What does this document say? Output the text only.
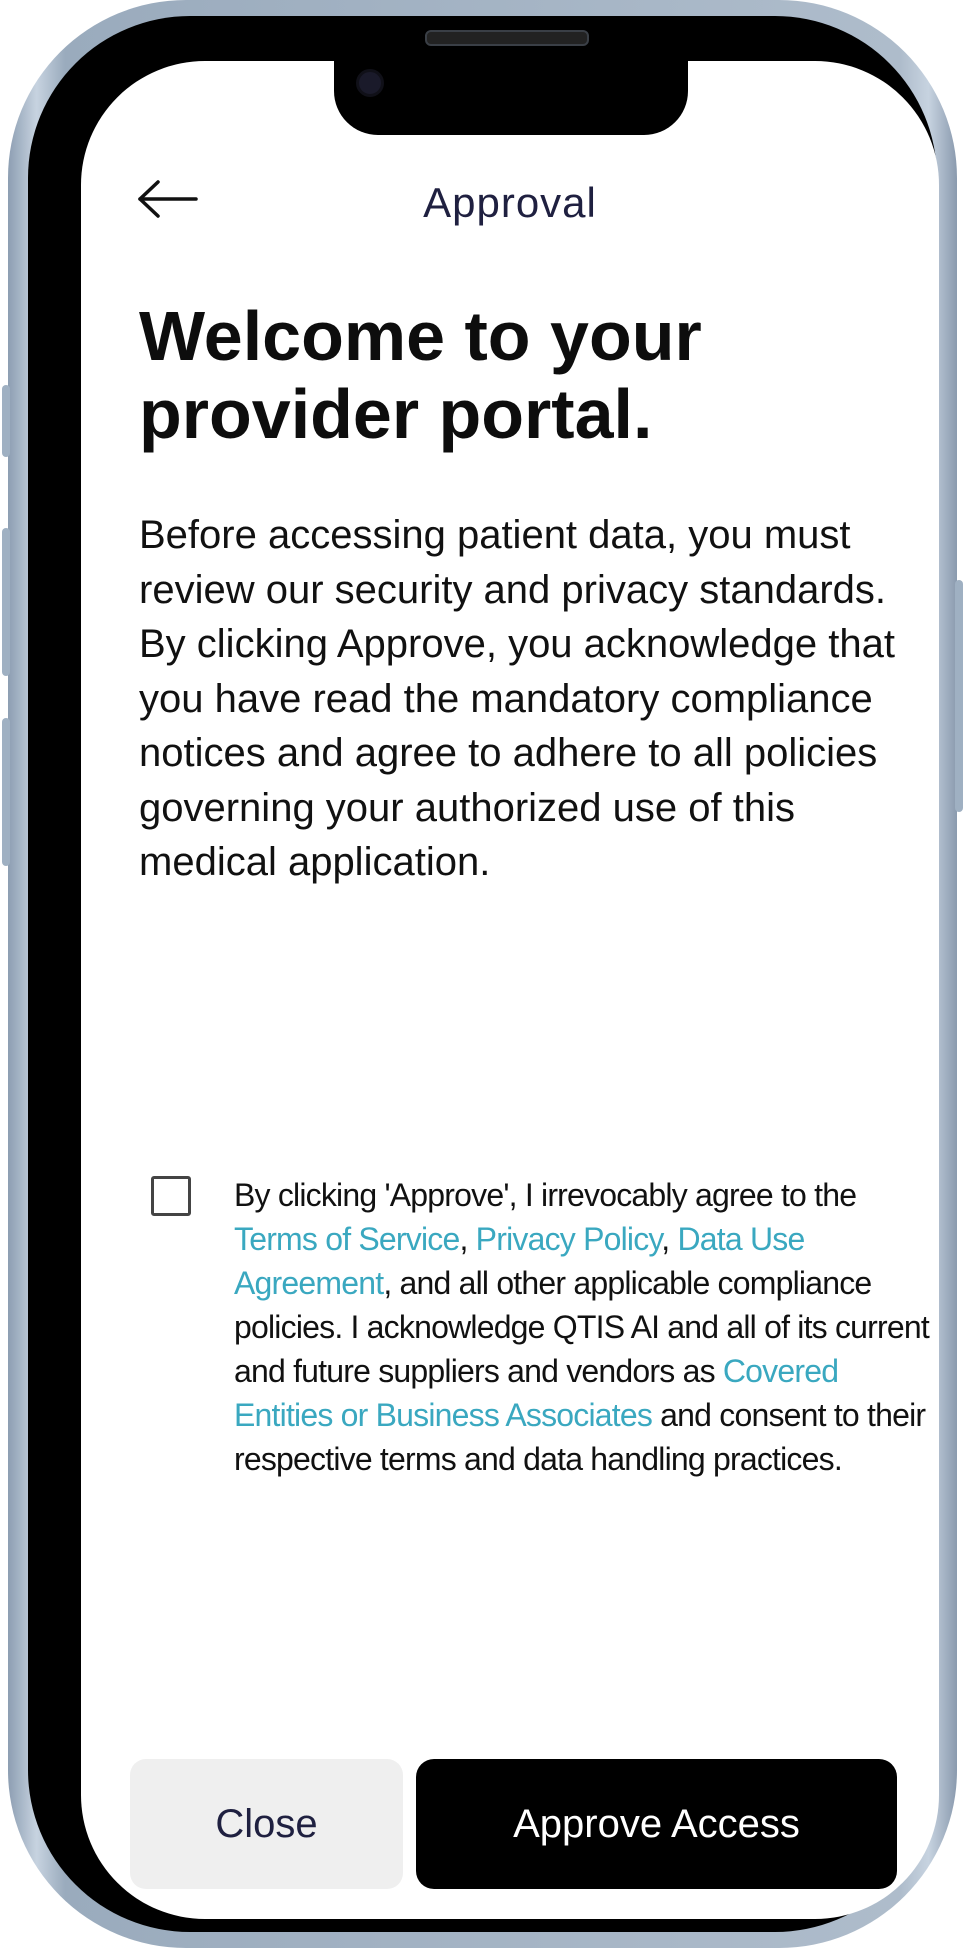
Approval
Welcome to your
provider portal.
Before accessing patient data, you must review our security and privacy standards. By clicking Approve, you acknowledge that you have read the mandatory compliance notices and agree to adhere to all policies governing your authorized use of this medical application.
By clicking 'Approve', I irrevocably agree to the Terms of Service, Privacy Policy, Data Use Agreement, and all other applicable compliance policies. I acknowledge QTIS AI and all of its current and future suppliers and vendors as Covered Entities or Business Associates and consent to their respective terms and data handling practices.
Close	Approve Access
